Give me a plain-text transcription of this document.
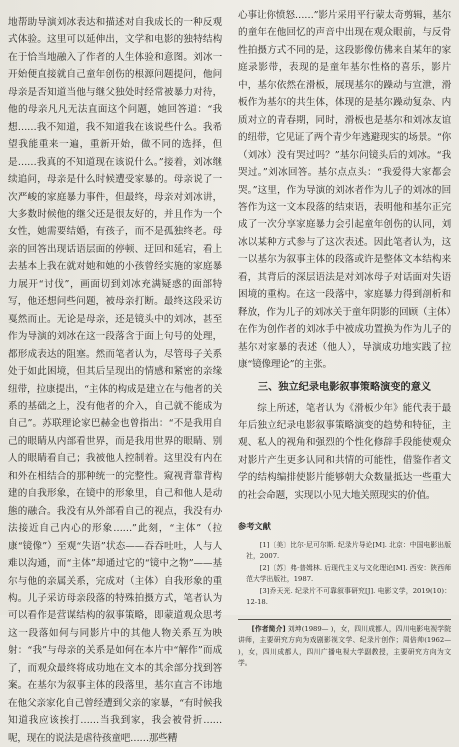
地帮助导演刘冰表达和描述对自我成长的一种反观式体验。这里可以延伸出，文学和电影的独特结构在于恰当地融入了作者的人生体验和意图。刘冰一开始便直接就自己童年创伤的根源问题提问，他问母亲是否知道当他与继父独处时经常被暴力对待，他的母亲凡凡无法直面这个问题，她回答道：“我想……我不知道，我不知道我在该说些什么。我希望我能重来一遍，重新开始，做不同的选择，但是……我真的不知道现在该说什么。”接着，刘冰继续追问，母亲是什么时候遭受家暴的。母亲说了一次严峻的家庭暴力事件，但最终，母亲对刘冰讲，大多数时候他的继父还是很友好的，并且作为一个女性，她需要结婚，有孩子，而不是孤独终老。母亲的回答出现话语层面的停顿、迂回和延宕，看上去基本上我在就对她和她的小孩曾经实施的家庭暴力展开“讨伐”，画面切到刘冰充满疑惑的面部特写，他还想问些问题，被母亲打断。最终这段采访戛然而止。无论是母亲，还是镜头中的刘冰，甚至作为导演的刘冰在这一段落含于面上句号的处理，都形成表达的阻塞。然而笔者认为，尽管母子关系处于如此困境，但其后呈现出的情感和紧密的亲缘纽带，拉康提出，“主体的构成是建立在与他者的关系的基础之上，没有他者的介入，自己就不能成为自己”。苏联理论家巴赫金也曾指出：“不是我用自己的眼睛从内部看世界，而是我用世界的眼睛、别人的眼睛看自己；我被他人控制着。这里没有内在和外在相结合的那种统一的完整性。窥视背靠背构建的自我形象，在镜中的形象里，自己和他人是动態的融合。我没有从外部看自己的视点，我没有办法接近自己内心的形象……”此刻，“主体”（拉康“镜像”）至观“失语”状态——吞吞吐吐，人与人难以沟通，而“主体”却通过它的“镜中之物”——基尔与他的亲属关系，完成对（主体）自我形象的重构。儿子采访母亲段落的特殊拍摄方式，笔者认为可以看作是营谋结构的叙事策略，即蒙道观众思考这一段落如何与同影片中的其他人物关系互为映射：“我”与母亲的关系是如何在本片中“解作”而成了，而观众最终将成功地在文本的其余部分找到答案。在基尔为叙事主体的段落里，基尔直言不讳地在他父亲家化自己曾经遭到父亲的家暴，“有时候我知道我应该挨打……当我到家，我会被骨折……呢，现在的说法是虐待孩童吧……那些糟

心事让你愤怒……”影片采用平行蒙太奇剪辑，基尔的童年在他回忆的声音中出现在观众眼前，与反骨性拍摄方式不同的是，这段影像仿佛来自某年的家庭录影带，表现的是童年基尔性格的喜乐，影片中，基尔依然在滑板，展现基尔的躁动与宣泄，滑板作为基尔的共生体，体现的是基尔躁动复杂、内质对立的青春期，同时，滑板也是基尔和刘冰友谊的纽带，它见证了两个青少年逃避现实的场景。“你（刘冰）没有哭过吗？”基尔问镜头后的刘冰。“我哭过。”刘冰回答。基尔点点头：“我爱得大家都会哭。”这里，作为导演的刘冰者作为儿子的刘冰的回答作为这一文本段落的结束语，表明他和基尔正完成了一次分享家庭暴力会引起童年创伤的认同，刘冰以某种方式参与了这次表述。因此笔者认为，这一以基尔为叙事主体的段落或许是整体文本结构来看，其背后的深层语法是对刘冰母子对话面对失语困境的重构。在这一段落中，家庭暴力得到剖析和释放，作为儿子的刘冰关于童年阴影的回顾（主体）在作为创作者的刘冰手中被成功置换为作为儿子的基尔对家暴的表述（他人），导演成功地实践了拉康“镜像理论”的主张。

三、独立纪录电影叙事策略演变的意义

综上所述，笔者认为《滑板少年》能代表于最年后独立纪录电影叙事策略演变的趋势和特征，主观、私人的视角和强烈的个性化修辞手段能使观众对影片产生更多认同和共情的可能性，借鉴作者文学的结构编排使影片能够朝大众数量抵达一些重大的社会命题，实现以小见大地关照现实的价值。

参考文献

[1]〔美〕比尔·尼可尔斯. 纪录片导论[M]. 北京：中国电影出版社，2007.

[2]〔苏〕弗·普姆林. 后现代主义与文化理论[M]. 西安：陕西师范大学出版社，1987.

[3]乔天光. 纪录片不可靠叙事研究[J]. 电影文学，2019(10)：12-18.

[作者简介] 刘坤(1989— )，女，四川成都人，四川电影电视学院讲师，主要研究方向为戏剧影视文学、纪录片创作；周倍帅(1962— )，女，四川成都人，四川广播电视大学副教授，主要研究方向为文学。
